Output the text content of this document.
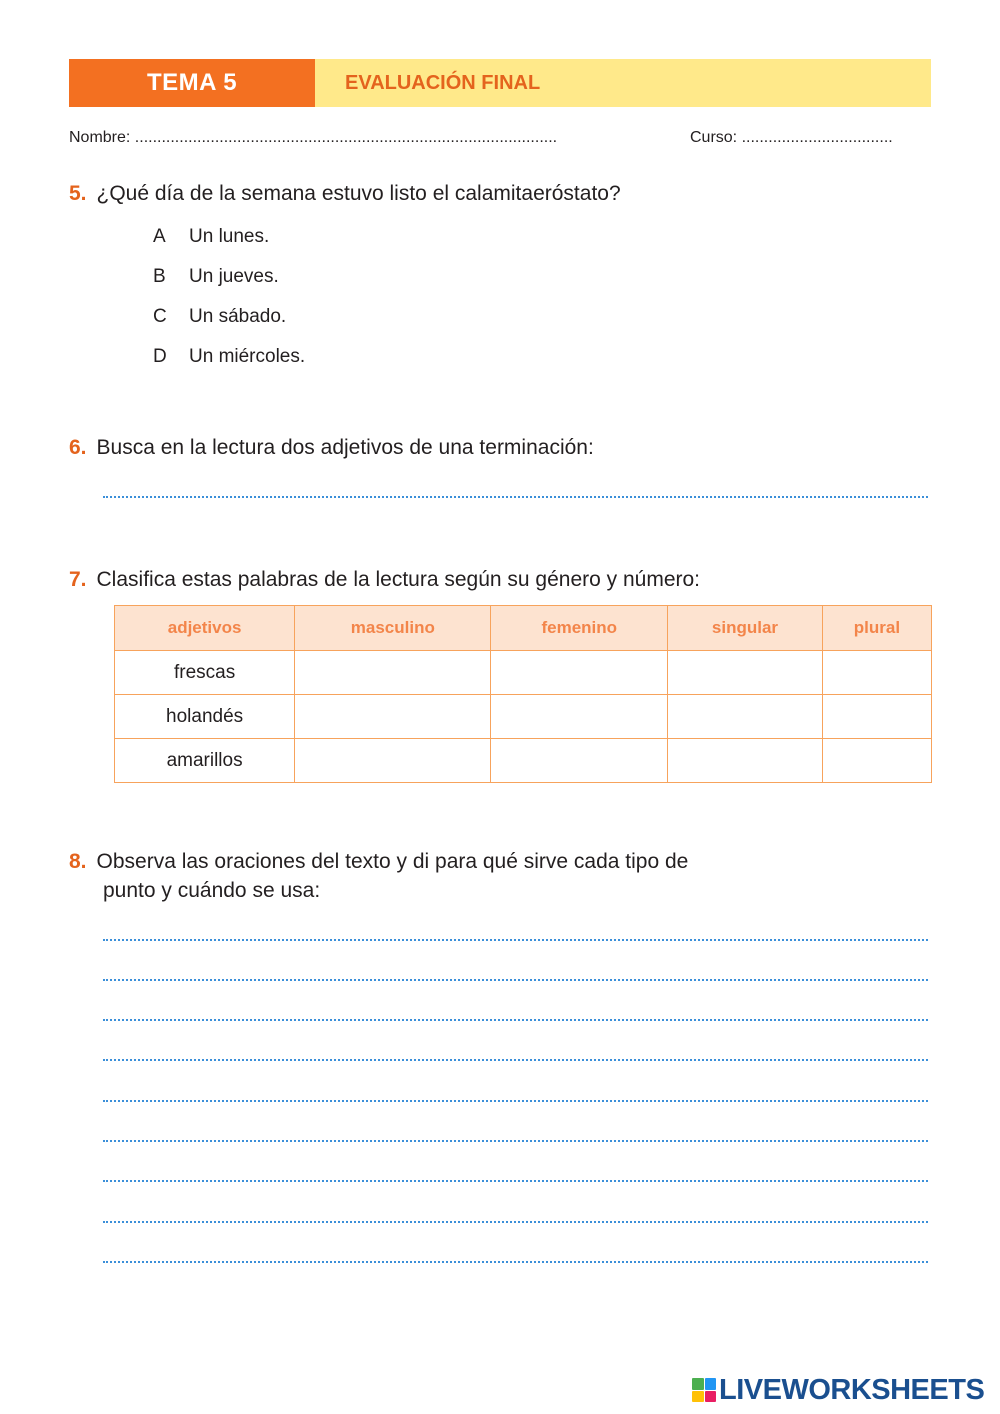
TEMA 5	EVALUACIÓN FINAL
Nombre: ...............................................................................................	Curso: ..................................
5. ¿Qué día de la semana estuvo listo el calamitaeróstato?
A Un lunes.
B Un jueves.
C Un sábado.
D Un miércoles.
6. Busca en la lectura dos adjetivos de una terminación:
7. Clasifica estas palabras de la lectura según su género y número:
adjetivos	masculino	femenino	singular	plural
frescas				
holandés				
amarillos				
8. Observa las oraciones del texto y di para qué sirve cada tipo de
punto y cuándo se usa:
LIVEWORKSHEETS
